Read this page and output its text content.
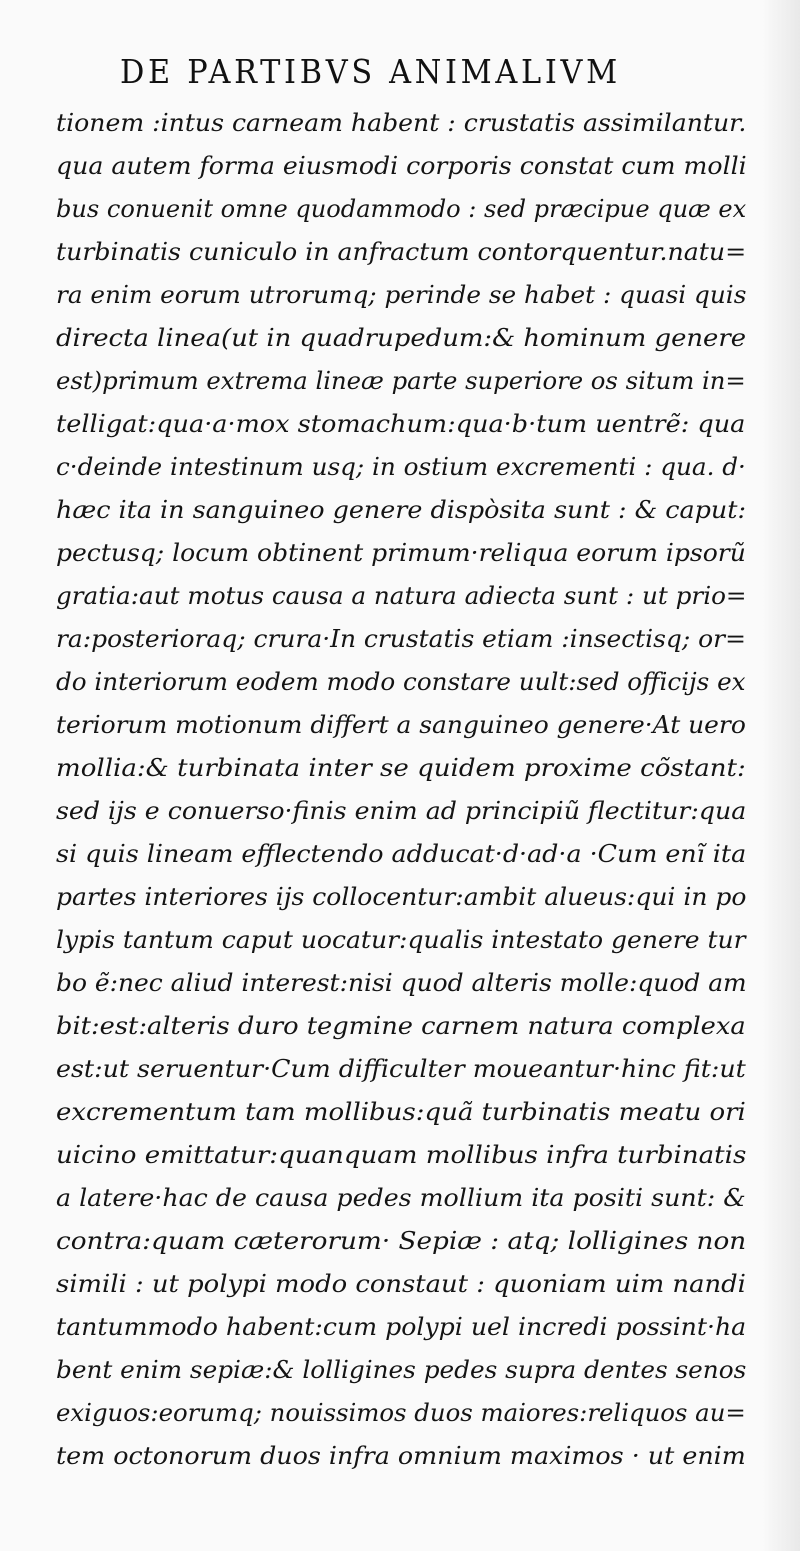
DE PARTIBVS ANIMALIVM
tionem :intus carneam habent : crustatis assimilantur.
qua autem forma eiusmodi corporis constat cum molli
bus conuenit omne quodammodo : sed præcipue quæ ex
turbinatis cuniculo in anfractum contorquentur.natu=
ra enim eorum utrorumq; perinde se habet : quasi quis
directa linea(ut in quadrupedum:& hominum genere
est)primum extrema lineæ parte superiore os situm in=
telligat:qua·a·mox stomachum:qua·b·tum uentrẽ: qua
c·deinde intestinum usq; in ostium excrementi : qua. d·
hæc ita in sanguineo genere dispòsita sunt : & caput:
pectusq; locum obtinent primum·reliqua eorum ipsorũ
gratia:aut motus causa a natura adiecta sunt : ut prio=
ra:posterioraq; crura·In crustatis etiam :insectisq; or=
do interiorum eodem modo constare uult:sed officijs ex
teriorum motionum differt a sanguineo genere·At uero
mollia:& turbinata inter se quidem proxime cõstant:
sed ijs e conuerso·finis enim ad principiũ flectitur:qua
si quis lineam efflectendo adducat·d·ad·a ·Cum enĩ ita
partes interiores ijs collocentur:ambit alueus:qui in po
lypis tantum caput uocatur:qualis intestato genere tur
bo ẽ:nec aliud interest:nisi quod alteris molle:quod am
bit:est:alteris duro tegmine carnem natura complexa
est:ut seruentur·Cum difficulter moueantur·hinc fit:ut
excrementum tam mollibus:quã turbinatis meatu ori
uicino emittatur:quanquam mollibus infra turbinatis
a latere·hac de causa pedes mollium ita positi sunt: &
contra:quam cæterorum· Sepiæ : atq; lolligines non
simili : ut polypi modo constaut : quoniam uim nandi
tantummodo habent:cum polypi uel incredi possint·ha
bent enim sepiæ:& lolligines pedes supra dentes senos
exiguos:eorumq; nouissimos duos maiores:reliquos au=
tem octonorum duos infra omnium maximos · ut enim
